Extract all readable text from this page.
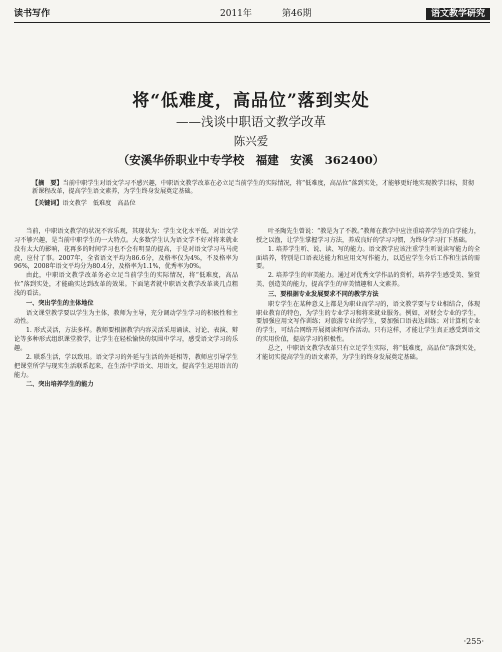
读书写作	2011年	第46期	语文教学研究
将“低难度，高品位”落到实处
——浅谈中职语文教学改革
陈兴爱
（安溪华侨职业中专学校　福建　安溪　362400）
【摘　要】当前中职学生对语文学习不感兴趣，中职语文教学改革在必立足当前学生的实际情况，将“低难度，高品位”落到实处，才能够更好地实现教学目标，贯彻新课程改革，提高学生语文素养，为学生终身发展奠定基础。
【关键词】语文教学　低难度　高品位

当前，中职语文教学的状况不容乐观，其现状为：学生文化水平低，对语文学习不够兴趣，是当前中职学生的一大特点。大多数学生认为语文学不好对将来就业没有太大的影响，花再多的时间学习也不会有明显的提高，于是对语文学习马马虎虎，应付了事。2007年，全省语文平均为86.6分，及格率仅为4%，不及格率为96%，2008年语文平均分为80.4分，及格率为1.1%，优秀率为0%。

由此，中职语文教学改革务必立足当前学生的实际情况，将“低难度，高品位”落到实处，才能确实达到改革的效果。下面笔者就中职语文教学改革谈几点粗浅的看法。

一、突出学生的主体地位

语文课堂教学要以学生为主体，教师为主导，充分调动学生学习的积极性和主动性。

1. 形式灵活，方法多样。教师要根据教学内容灵活采用诵读、讨论、表演、辩论等多种形式组织课堂教学，让学生在轻松愉快的氛围中学习，感受语文学习的乐趣。

2. 联系生活，学以致用。语文学习的外延与生活的外延相等，教师应引导学生把课堂所学与现实生活联系起来，在生活中学语文、用语文，提高学生运用语言的能力。

二、突出培养学生的能力

叶圣陶先生曾说：“教是为了不教。”教师在教学中应注重培养学生的自学能力，授之以渔，让学生掌握学习方法，养成良好的学习习惯，为终身学习打下基础。

1. 培养学生听、说、读、写的能力。语文教学应该注重学生听说读写能力的全面培养，特别是口语表达能力和应用文写作能力，以适应学生今后工作和生活的需要。

2. 培养学生的审美能力。通过对优秀文学作品的赏析，培养学生感受美、鉴赏美、创造美的能力，提高学生的审美情趣和人文素养。

三、要根据专业发展要求不同的教学方法

职专学生在某种意义上都是为职业而学习的，语文教学要与专业相结合，体现职业教育的特色，为学生的专业学习和将来就业服务。例如，对财会专业的学生，要加强应用文写作训练；对旅游专业的学生，要加强口语表达训练；对计算机专业的学生，可结合网络开展阅读和写作活动。只有这样，才能让学生真正感受到语文的实用价值，提高学习的积极性。

总之，中职语文教学改革只有立足学生实际，将“低难度，高品位”落到实处，才能切实提高学生的语文素养，为学生的终身发展奠定基础。

·255·
